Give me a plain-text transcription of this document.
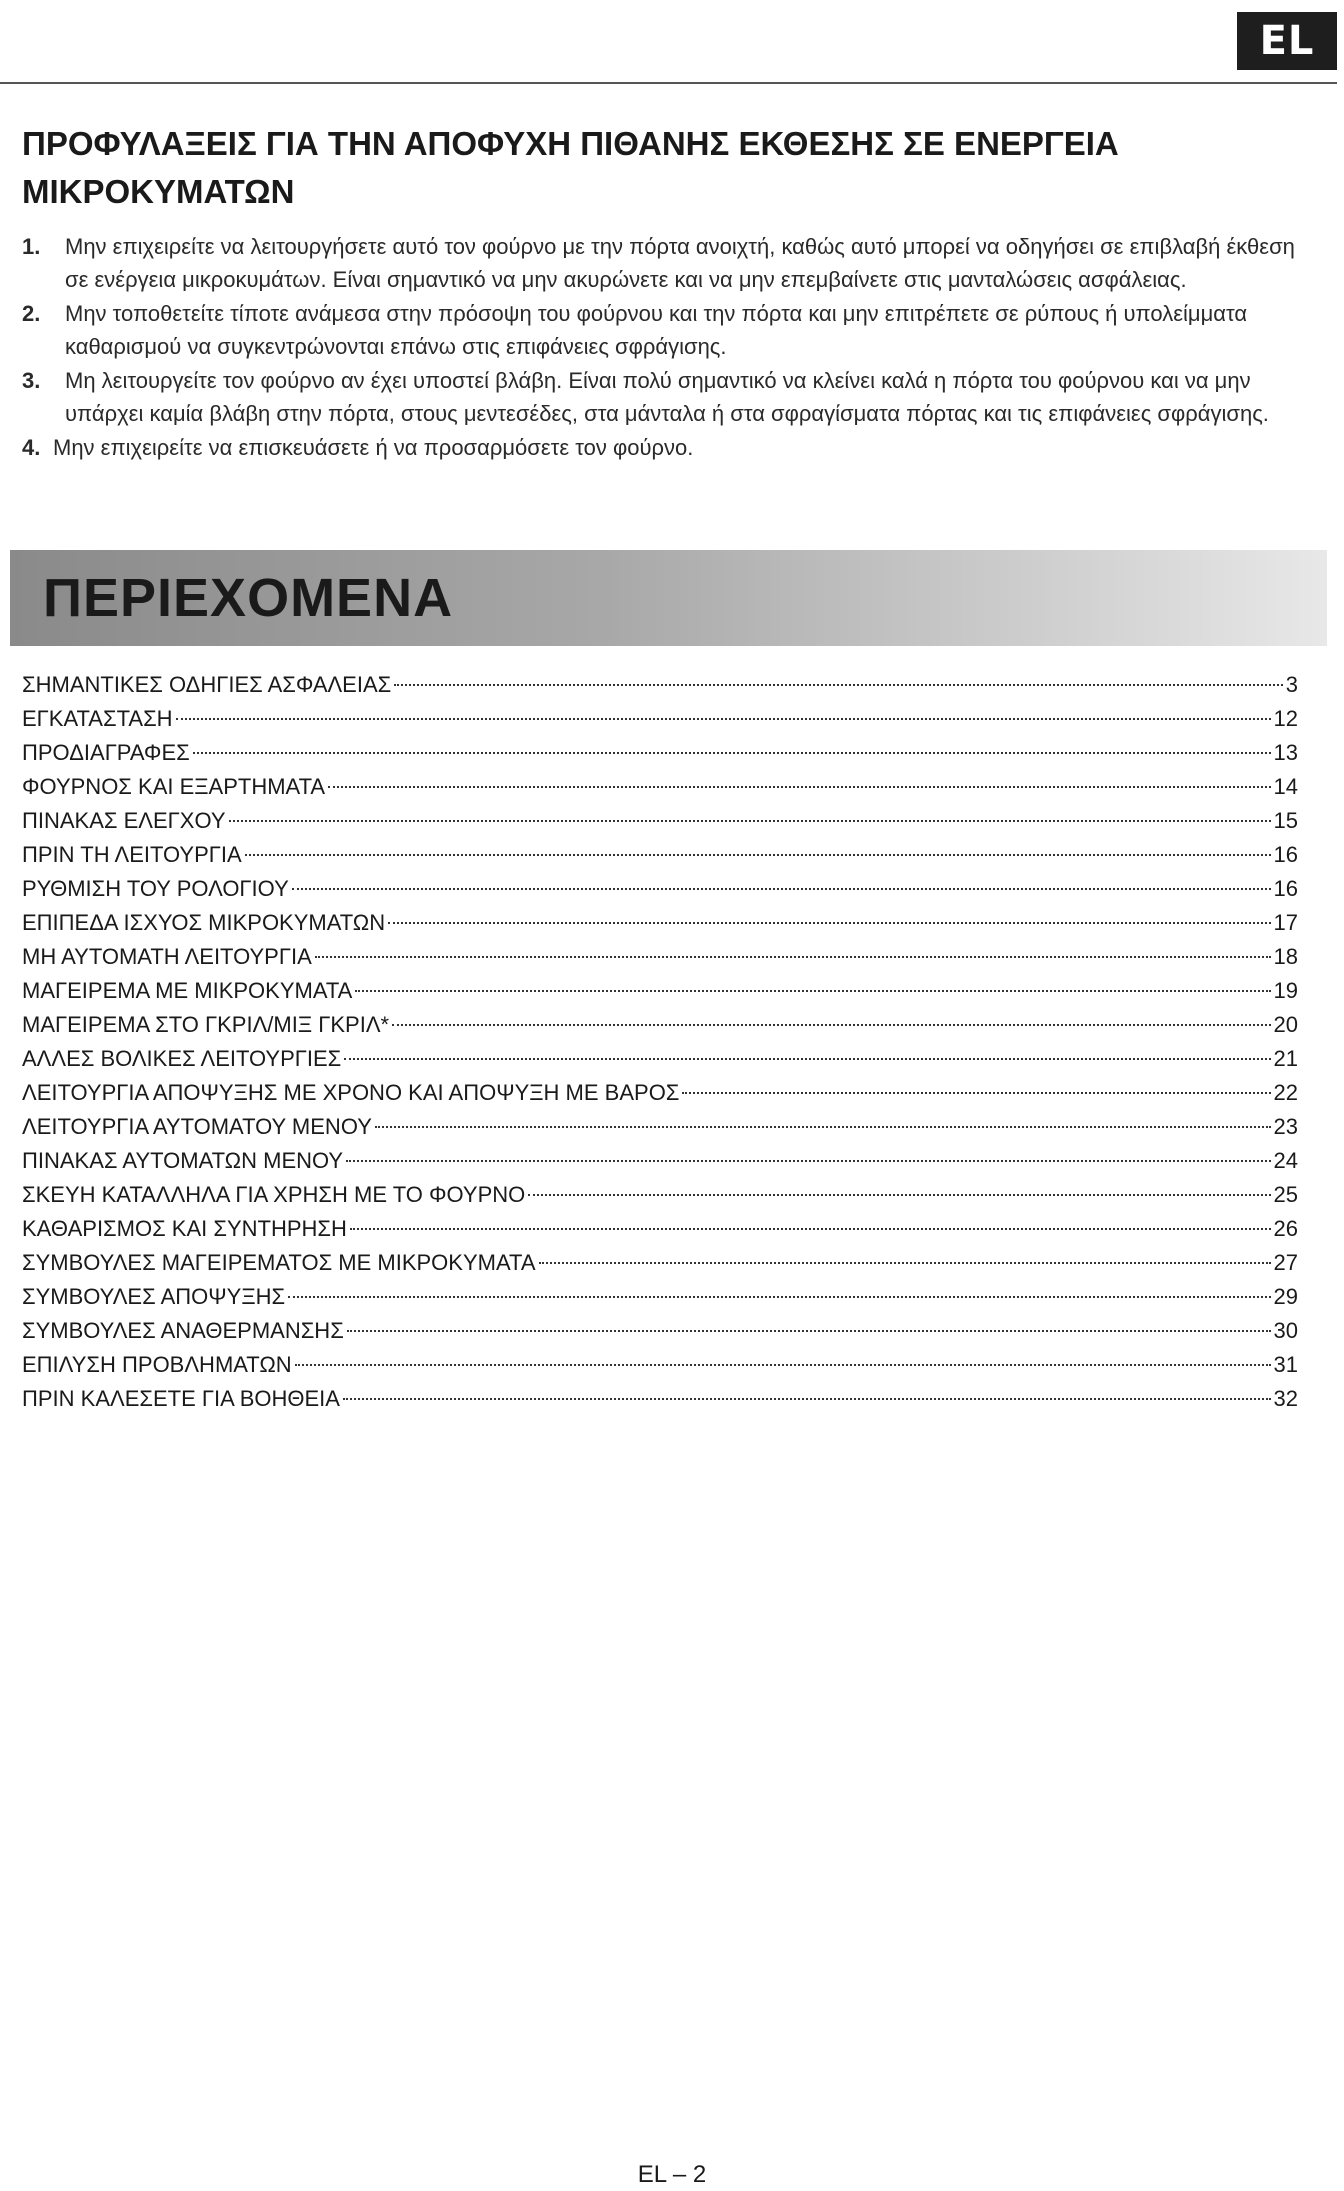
EL
ΠΡΟΦΥΛΑΞΕΙΣ ΓΙΑ ΤΗΝ ΑΠΟΦΥΧΗ ΠΙΘΑΝΗΣ ΕΚΘΕΣΗΣ ΣΕ ΕΝΕΡΓΕΙΑ ΜΙΚΡΟΚΥΜΑΤΩΝ
1. Μην επιχειρείτε να λειτουργήσετε αυτό τον φούρνο με την πόρτα ανοιχτή, καθώς αυτό μπορεί να οδηγήσει σε επιβλαβή έκθεση σε ενέργεια μικροκυμάτων. Είναι σημαντικό να μην ακυρώνετε και να μην επεμβαίνετε στις μανταλώσεις ασφάλειας.
2. Μην τοποθετείτε τίποτε ανάμεσα στην πρόσοψη του φούρνου και την πόρτα και μην επιτρέπετε σε ρύπους ή υπολείμματα καθαρισμού να συγκεντρώνονται επάνω στις επιφάνειες σφράγισης.
3. Μη λειτουργείτε τον φούρνο αν έχει υποστεί βλάβη. Είναι πολύ σημαντικό να κλείνει καλά η πόρτα του φούρνου και να μην υπάρχει καμία βλάβη στην πόρτα, στους μεντεσέδες, στα μάνταλα ή στα σφραγίσματα πόρτας και τις επιφάνειες σφράγισης.
4. Μην επιχειρείτε να επισκευάσετε ή να προσαρμόσετε τον φούρνο.
ΠΕΡΙΕΧΟΜΕΝΑ
ΣΗΜΑΝΤΙΚΕΣ ΟΔΗΓΙΕΣ ΑΣΦΑΛΕΙΑΣ	3
ΕΓΚΑΤΑΣΤΑΣΗ	12
ΠΡΟΔΙΑΓΡΑΦΕΣ	13
ΦΟΥΡΝΟΣ ΚΑΙ ΕΞΑΡΤΗΜΑΤΑ	14
ΠΙΝΑΚΑΣ ΕΛΕΓΧΟΥ	15
ΠΡΙΝ ΤΗ ΛΕΙΤΟΥΡΓΙΑ	16
ΡΥΘΜΙΣΗ ΤΟΥ ΡΟΛΟΓΙΟΥ	16
ΕΠΙΠΕΔΑ ΙΣΧΥΟΣ ΜΙΚΡΟΚΥΜΑΤΩΝ	17
ΜΗ ΑΥΤΟΜΑΤΗ ΛΕΙΤΟΥΡΓΙΑ	18
ΜΑΓΕΙΡΕΜΑ ΜΕ ΜΙΚΡΟΚΥΜΑΤΑ	19
ΜΑΓΕΙΡΕΜΑ ΣΤΟ ΓΚΡΙΛ/ΜΙΞ ΓΚΡΙΛ*	20
ΑΛΛΕΣ ΒΟΛΙΚΕΣ ΛΕΙΤΟΥΡΓΙΕΣ	21
ΛΕΙΤΟΥΡΓΙΑ ΑΠΟΨΥΞΗΣ ΜΕ ΧΡΟΝΟ ΚΑΙ ΑΠΟΨΥΞΗ ΜΕ ΒΑΡΟΣ	22
ΛΕΙΤΟΥΡΓΙΑ ΑΥΤΟΜΑΤΟΥ ΜΕΝΟΥ	23
ΠΙΝΑΚΑΣ ΑΥΤΟΜΑΤΩΝ ΜΕΝΟΥ	24
ΣΚΕΥΗ ΚΑΤΑΛΛΗΛΑ ΓΙΑ ΧΡΗΣΗ ΜΕ ΤΟ ΦΟΥΡΝΟ	25
ΚΑΘΑΡΙΣΜΟΣ ΚΑΙ ΣΥΝΤΗΡΗΣΗ	26
ΣΥΜΒΟΥΛΕΣ ΜΑΓΕΙΡΕΜΑΤΟΣ ΜΕ ΜΙΚΡΟΚΥΜΑΤΑ	27
ΣΥΜΒΟΥΛΕΣ ΑΠΟΨΥΞΗΣ	29
ΣΥΜΒΟΥΛΕΣ ΑΝΑΘΕΡΜΑΝΣΗΣ	30
ΕΠΙΛΥΣΗ ΠΡΟΒΛΗΜΑΤΩΝ	31
ΠΡΙΝ ΚΑΛΕΣΕΤΕ ΓΙΑ ΒΟΗΘΕΙΑ	32
EL – 2
